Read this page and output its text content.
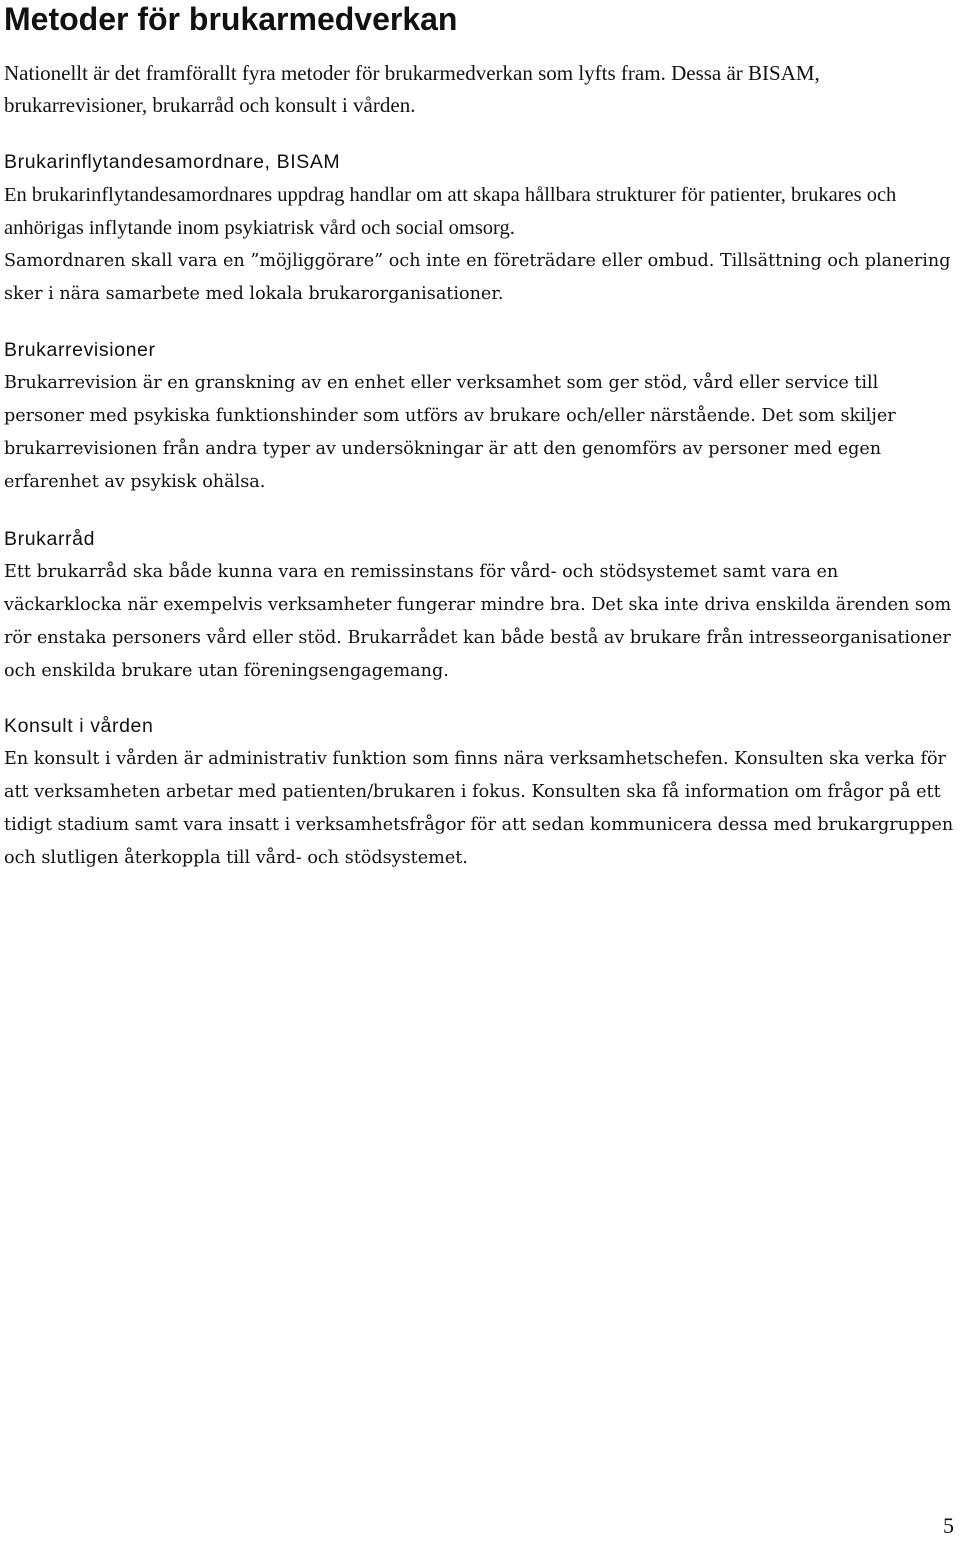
Metoder för brukarmedverkan

Nationellt är det framförallt fyra metoder för brukarmedverkan som lyfts fram. Dessa är BISAM, brukarrevisioner, brukarråd och konsult i vården.

Brukarinflytandesamordnare, BISAM

En brukarinflytandesamordnares uppdrag handlar om att skapa hållbara strukturer för patienter, brukares och anhörigas inflytande inom psykiatrisk vård och social omsorg.

Samordnaren skall vara en ”möjliggörare” och inte en företrädare eller ombud. Tillsättning och planering sker i nära samarbete med lokala brukarorganisationer.

Brukarrevisioner

Brukarrevision är en granskning av en enhet eller verksamhet som ger stöd, vård eller service till personer med psykiska funktionshinder som utförs av brukare och/eller närstående. Det som skiljer brukarrevisionen från andra typer av undersökningar är att den genomförs av personer med egen erfarenhet av psykisk ohälsa.

Brukarråd

Ett brukarråd ska både kunna vara en remissinstans för vård- och stödsystemet samt vara en väckarklocka när exempelvis verksamheter fungerar mindre bra. Det ska inte driva enskilda ärenden som rör enstaka personers vård eller stöd. Brukarrådet kan både bestå av brukare från intresseorganisationer och enskilda brukare utan föreningsengagemang.

Konsult i vården

En konsult i vården är administrativ funktion som finns nära verksamhetschefen. Konsulten ska verka för att verksamheten arbetar med patienten/brukaren i fokus. Konsulten ska få information om frågor på ett tidigt stadium samt vara insatt i verksamhetsfrågor för att sedan kommunicera dessa med brukargruppen och slutligen återkoppla till vård- och stödsystemet.

5
